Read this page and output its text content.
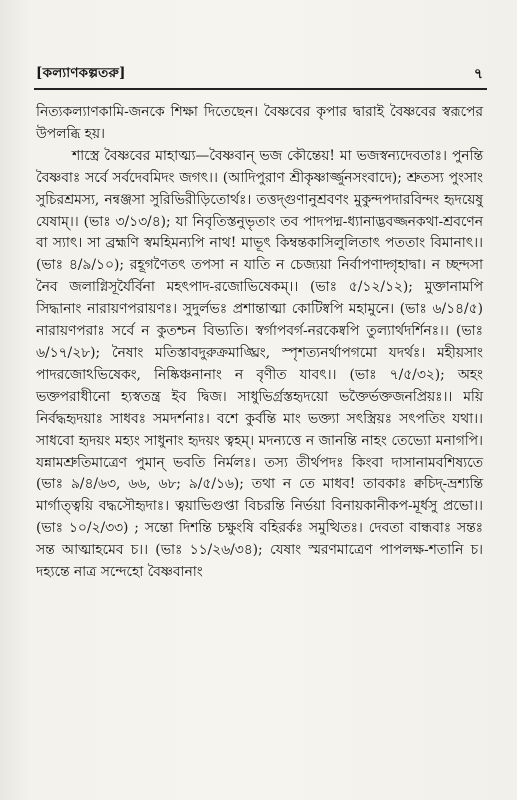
[কল্যাণকল্পতরু]	৭

নিত্যকল্যাণকামি-জনকে শিক্ষা দিতেছেন। বৈষ্ণবের কৃপার দ্বারাই বৈষ্ণবের স্বরূপের উপলব্ধি হয়।

শাস্ত্রে বৈষ্ণবের মাহাত্ম্য—বৈষ্ণবান্ ভজ কৌন্তেয়! মা ভজস্বন্যদেবতাঃ। পুনন্তি বৈষ্ণবাঃ সর্বে সর্বদেবমিদং জগৎ।। (আদিপুরাণ শ্রীকৃষ্ণার্জ্জুনসংবাদে); শ্রুতস্য পুংসাং সুচিরশ্রমস্য, নন্বঞ্জসা সুরিভিরীড়িতোর্থঃ। তত্তদ্গুণানুশ্রবণং মুকুন্দপদারবিন্দং হৃদয়েষু যেষাম্।। (ভাঃ ৩/১৩/৪); যা নিবৃতিস্তনুভৃতাং তব পাদপদ্ম-ধ্যানাদ্ভবজ্জনকথা-শ্রবণেন বা স্যাৎ। সা ব্রহ্মণি স্বমহিমন্যপি নাথ! মাভূৎ কিম্বন্তকাসিলুলিতাৎ পততাং বিমানাৎ।। (ভাঃ ৪/৯/১০); রহূগণৈতৎ তপসা ন যাতি ন চেজ্যয়া নির্বাপণাদ্গৃহাদ্বা। ন চ্ছন্দসা নৈব জলাগ্নিসূর্যৈর্বিনা মহৎপাদ-রজোভিষেকম্।। (ভাঃ ৫/১২/১২); মুক্তানামপি সিদ্ধানাং নারায়ণপরায়ণঃ। সুদুর্লভঃ প্রশান্তাত্মা কোটিষ্বপি মহামুনে। (ভাঃ ৬/১৪/৫) নারায়ণপরাঃ সর্বে ন কুতশ্চন বিভ্যতি। স্বর্গাপবর্গ-নরকেষ্বপি তুল্যার্থদর্শিনঃ।। (ভাঃ ৬/১৭/২৮); নৈষাং মতিস্তাবদুরুক্রমাঙ্ঘ্রিং, স্পৃশত্যনর্থাপগমো যদর্থঃ। মহীয়সাং পাদরজোঽভিষেকং, নিষ্কিঞ্চনানাং ন বৃণীত যাবৎ।। (ভাঃ ৭/৫/৩২); অহং ভক্তপরাধীনো হ্যস্বতন্ত্র ইব দ্বিজ। সাধুভির্গ্রস্তহৃদয়ো ভক্তৈর্ভক্তজনপ্রিয়ঃ।। ময়ি নির্বদ্ধহৃদয়াঃ সাধবঃ সমদর্শনাঃ। বশে কুর্বন্তি মাং ভক্ত্যা সৎস্ত্রিয়ঃ সৎপতিং যথা।। সাধবো হৃদয়ং মহ্যং সাধুনাং হৃদয়ং ত্বহম্। মদন্যত্তে ন জানন্তি নাহং তেভ্যো মনাগপি। যন্নামশ্রুতিমাত্রেণ পুমান্ ভবতি নির্মলঃ। তস্য তীর্থপদঃ কিংবা দাসানামবশিষ্যতে (ভাঃ ৯/৪/৬৩, ৬৬, ৬৮; ৯/৫/১৬); তথা ন তে মাধব! তাবকাঃ ক্বচিদ্-ভ্রশ্যন্তি মার্গাত্ত্বয়ি বদ্ধসৌহৃদাঃ। ত্বয়াভিগুপ্তা বিচরন্তি নির্ভয়া বিনায়কানীকপ-মূর্ধসু প্রভো।। (ভাঃ ১০/২/৩৩) ; সন্তো দিশন্তি চক্ষুংষি বহিরর্কঃ সমুত্থিতঃ। দেবতা বান্ধবাঃ সন্তঃ সন্ত আত্মাহমেব চ।। (ভাঃ ১১/২৬/৩৪); যেষাং স্মরণমাত্রেণ পাপলক্ষ-শতানি চ। দহ্যন্তে নাত্র সন্দেহো বৈষ্ণবানাং
